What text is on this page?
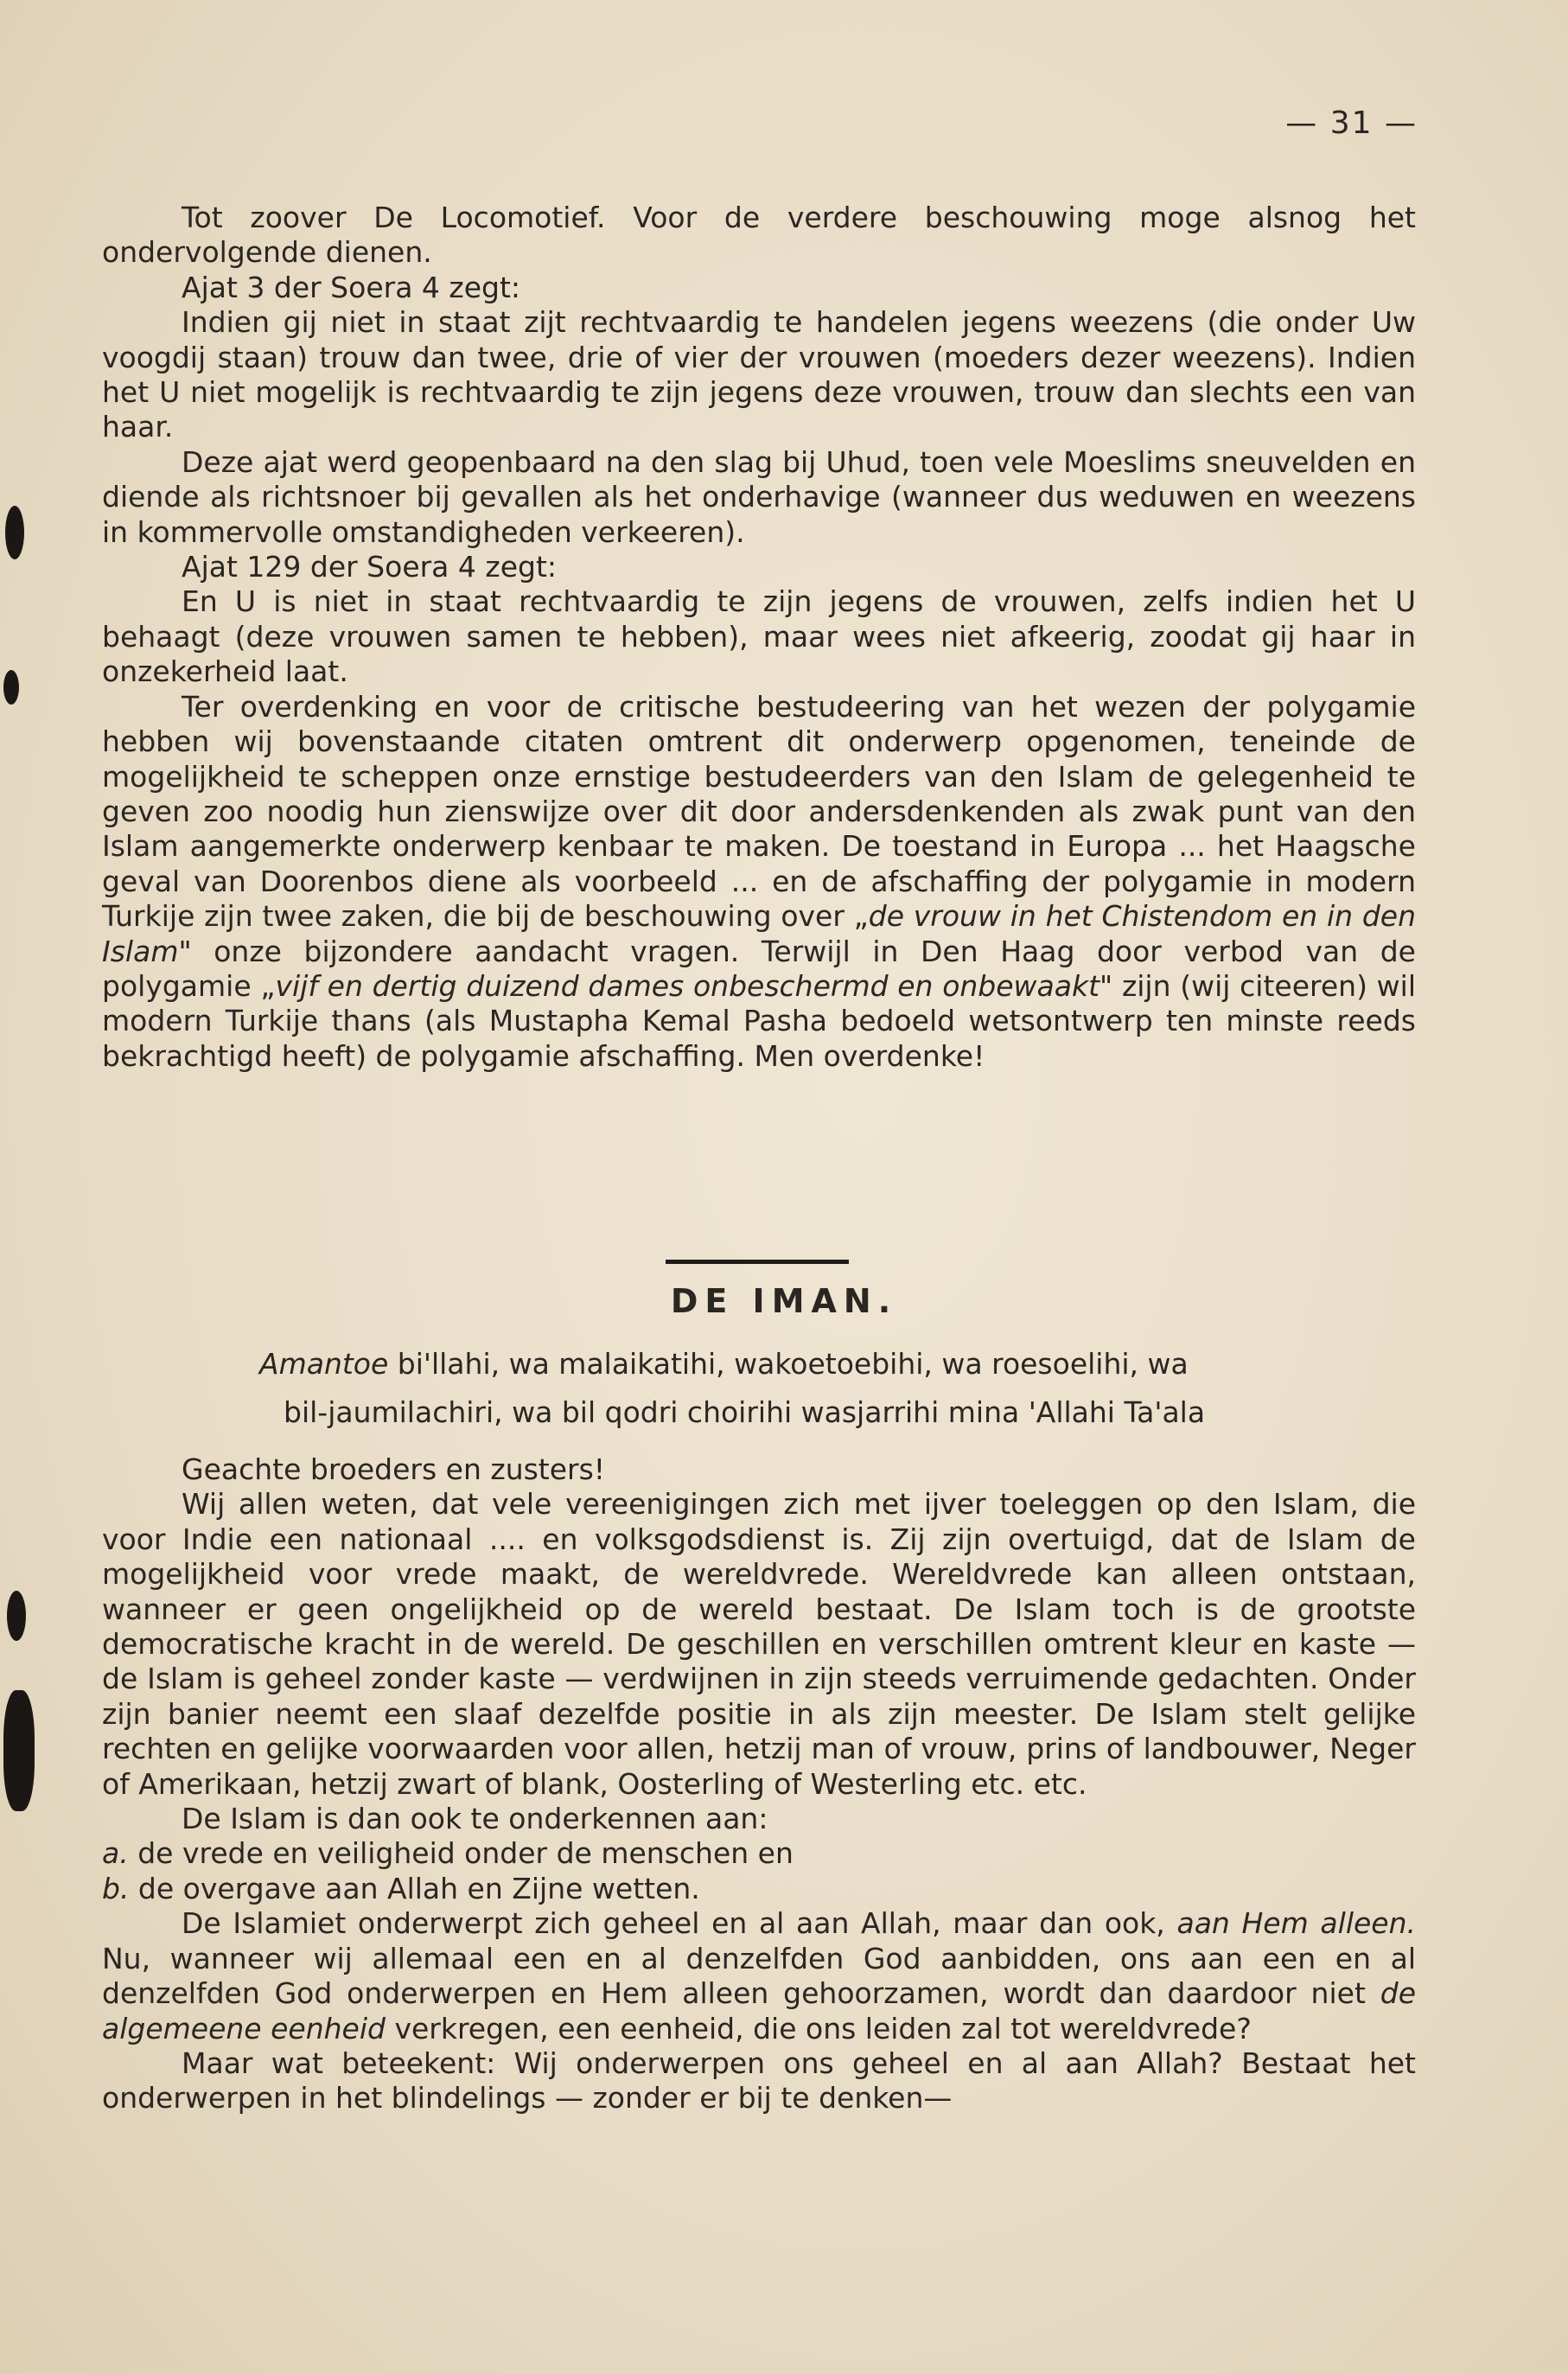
— 31 —

Tot zoover De Locomotief. Voor de verdere beschouwing moge alsnog het ondervolgende dienen.

Ajat 3 der Soera 4 zegt:

Indien gij niet in staat zijt rechtvaardig te handelen jegens weezens (die onder Uw voogdij staan) trouw dan twee, drie of vier der vrouwen (moeders dezer weezens). Indien het U niet mogelijk is rechtvaardig te zijn jegens deze vrouwen, trouw dan slechts een van haar.

Deze ajat werd geopenbaard na den slag bij Uhud, toen vele Moeslims sneuvelden en diende als richtsnoer bij gevallen als het onderhavige (wanneer dus weduwen en weezens in kommervolle omstandigheden verkeeren).

Ajat 129 der Soera 4 zegt:

En U is niet in staat rechtvaardig te zijn jegens de vrouwen, zelfs indien het U behaagt (deze vrouwen samen te hebben), maar wees niet afkeerig, zoodat gij haar in onzekerheid laat.

Ter overdenking en voor de critische bestudeering van het wezen der polygamie hebben wij bovenstaande citaten omtrent dit onderwerp opgenomen, teneinde de mogelijkheid te scheppen onze ernstige bestudeerders van den Islam de gelegenheid te geven zoo noodig hun zienswijze over dit door andersdenkenden als zwak punt van den Islam aangemerkte onderwerp kenbaar te maken. De toestand in Europa ... het Haagsche geval van Doorenbos diene als voorbeeld ... en de afschaffing der polygamie in modern Turkije zijn twee zaken, die bij de beschouwing over „de vrouw in het Chistendom en in den Islam" onze bijzondere aandacht vragen. Terwijl in Den Haag door verbod van de polygamie „vijf en dertig duizend dames onbeschermd en onbewaakt" zijn (wij citeeren) wil modern Turkije thans (als Mustapha Kemal Pasha bedoeld wetsontwerp ten minste reeds bekrachtigd heeft) de polygamie afschaffing. Men overdenke!

DE IMAN.

Amantoe bi'llahi, wa malaikatihi, wakoetoebihi, wa roesoelihi, wa

bil-jaumilachiri, wa bil qodri choirihi wasjarrihi mina 'Allahi Ta'ala

Geachte broeders en zusters!

Wij allen weten, dat vele vereenigingen zich met ijver toeleggen op den Islam, die voor Indie een nationaal .... en volksgodsdienst is. Zij zijn overtuigd, dat de Islam de mogelijkheid voor vrede maakt, de wereldvrede. Wereldvrede kan alleen ontstaan, wanneer er geen ongelijkheid op de wereld bestaat. De Islam toch is de grootste democratische kracht in de wereld. De geschillen en verschillen omtrent kleur en kaste — de Islam is geheel zonder kaste — verdwijnen in zijn steeds verruimende gedachten. Onder zijn banier neemt een slaaf dezelfde positie in als zijn meester. De Islam stelt gelijke rechten en gelijke voorwaarden voor allen, hetzij man of vrouw, prins of landbouwer, Neger of Amerikaan, hetzij zwart of blank, Oosterling of Westerling etc. etc.

De Islam is dan ook te onderkennen aan:

a. de vrede en veiligheid onder de menschen en

b. de overgave aan Allah en Zijne wetten.

De Islamiet onderwerpt zich geheel en al aan Allah, maar dan ook, aan Hem alleen. Nu, wanneer wij allemaal een en al denzelfden God aanbidden, ons aan een en al denzelfden God onderwerpen en Hem alleen gehoorzamen, wordt dan daardoor niet de algemeene eenheid verkregen, een eenheid, die ons leiden zal tot wereldvrede?

Maar wat beteekent: Wij onderwerpen ons geheel en al aan Allah? Bestaat het onderwerpen in het blindelings — zonder er bij te denken—
